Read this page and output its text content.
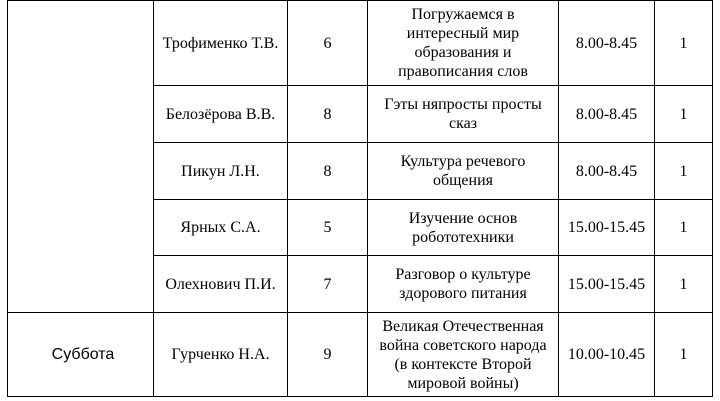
	Трофименко Т.В.	6	Погружаемся в интересный мир образования и правописания слов	8.00-8.45	1
	Белозёрова В.В.	8	Гэты няпросты просты сказ	8.00-8.45	1
	Пикун Л.Н.	8	Культура речевого общения	8.00-8.45	1
	Ярных С.А.	5	Изучение основ робототехники	15.00-15.45	1
	Олехнович П.И.	7	Разговор о культуре здорового питания	15.00-15.45	1
Суббота	Гурченко Н.А.	9	Великая Отечественная война советского народа (в контексте Второй мировой войны)	10.00-10.45	1
